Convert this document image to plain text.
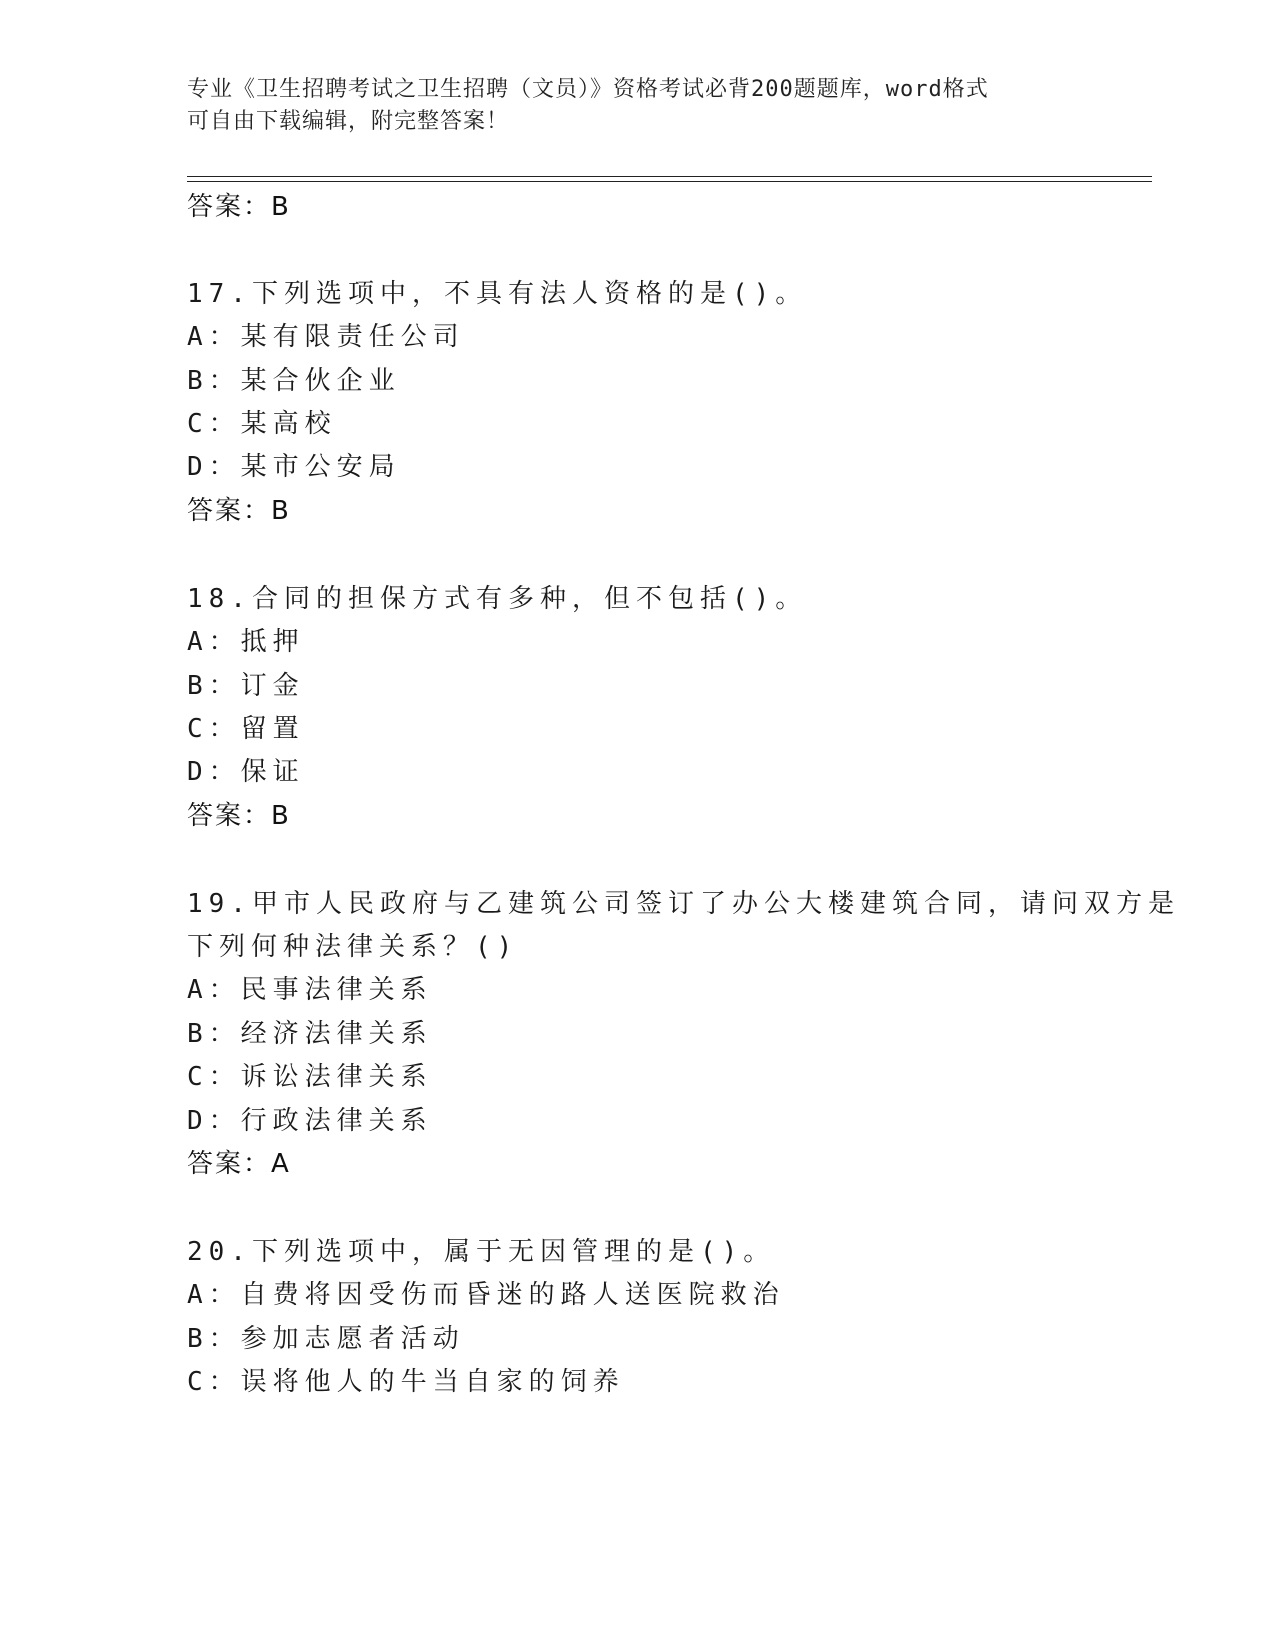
专业《卫生招聘考试之卫生招聘（文员）》资格考试必背200题题库，word格式
可自由下载编辑，附完整答案！
答案：B
17.下列选项中，不具有法人资格的是()。
A：某有限责任公司
B：某合伙企业
C：某高校
D：某市公安局
答案：B
18.合同的担保方式有多种，但不包括()。
A：抵押
B：订金
C：留置
D：保证
答案：B
19.甲市人民政府与乙建筑公司签订了办公大楼建筑合同，请问双方是
下列何种法律关系？()
A：民事法律关系
B：经济法律关系
C：诉讼法律关系
D：行政法律关系
答案：A
20.下列选项中，属于无因管理的是()。
A：自费将因受伤而昏迷的路人送医院救治
B：参加志愿者活动
C：误将他人的牛当自家的饲养
